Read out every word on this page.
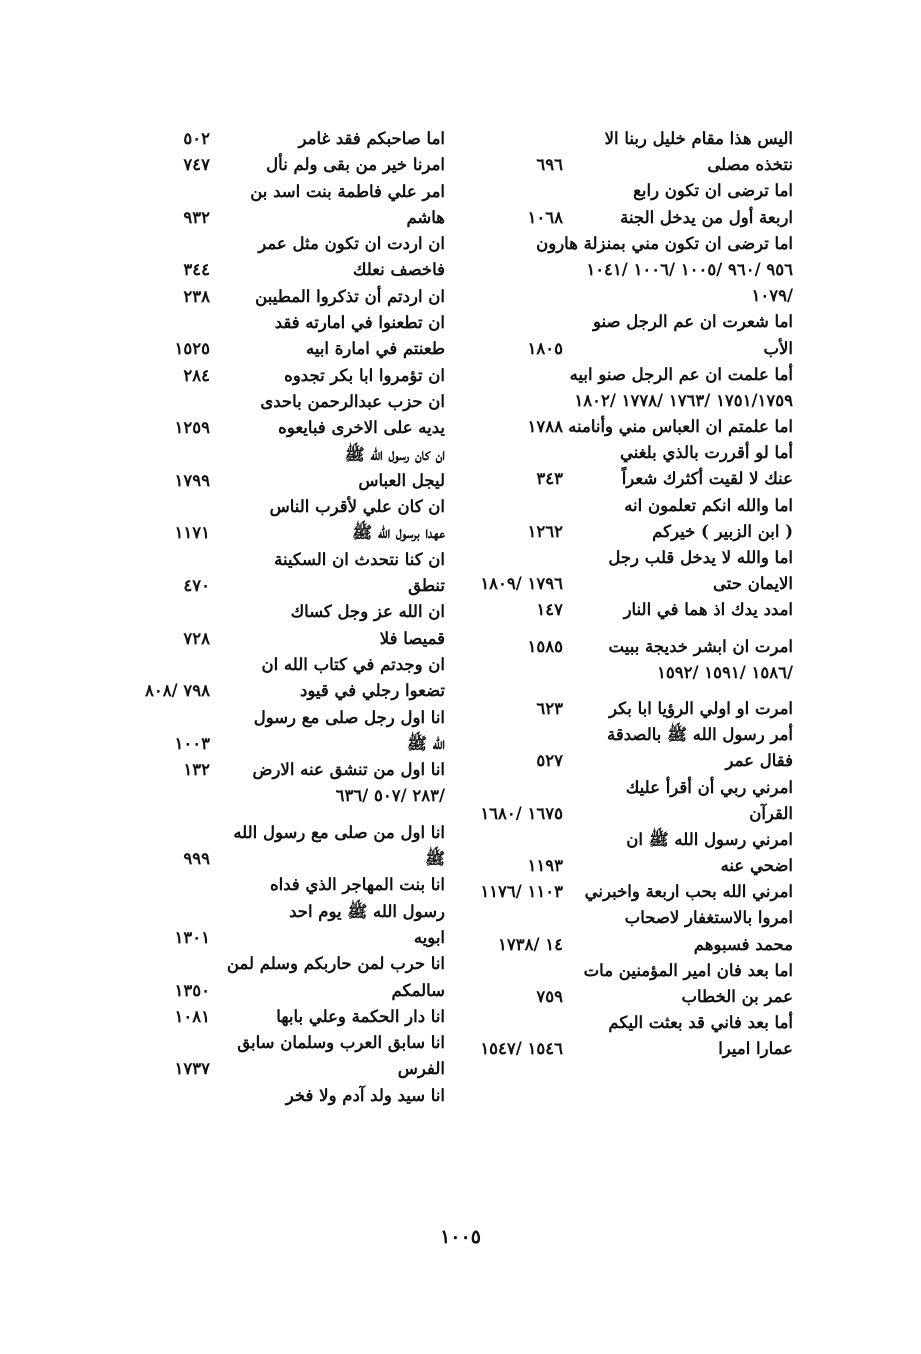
اليس هذا مقام خليل ربنا الا
نتخذه مصلى
٦٩٦
اما ترضى ان تكون رابع
اربعة أول من يدخل الجنة
١٠٦٨
اما ترضى ان تكون مني بمنزلة هارون
٩٥٦ /٩٦٠ /١٠٠٥ /١٠٠٦ /١٠٤١
/١٠٧٩
اما شعرت ان عم الرجل صنو
الأب
١٨٠٥
أما علمت ان عم الرجل صنو ابيه
١٧٥١/١٧٥٩ /١٧٦٣ /١٧٧٨ /١٨٠٢
اما علمتم ان العباس مني وأنامنه
١٧٨٨
أما لو أقررت بالذي بلغني
عنك لا لقيت أكثرك شعراً
٣٤٣
اما والله انكم تعلمون انه
( ابن الزبير ) خيركم
١٢٦٢
اما والله لا يدخل قلب رجل
الايمان حتى
١٧٩٦ /١٨٠٩
امدد يدك اذ هما في النار
١٤٧
امرت ان ابشر خديجة ببيت
١٥٨٥
/١٥٨٦ /١٥٩١ /١٥٩٢
امرت او اولي الرؤيا ابا بكر
٦٢٣
أمر رسول الله ﷺ بالصدقة
فقال عمر
٥٢٧
امرني ربي أن أقرأ عليك
القرآن
١٦٧٥ /١٦٨٠
امرني رسول الله ﷺ ان
اضحي عنه
١١٩٣
امرني الله بحب اربعة واخبرني
١١٠٣ /١١٧٦
امروا بالاستغفار لاصحاب
محمد فسبوهم
١٤ /١٧٣٨
اما بعد فان امير المؤمنين مات
عمر بن الخطاب
٧٥٩
أما بعد فاني قد بعثت اليكم
عمارا اميرا
١٥٤٦ /١٥٤٧
اما صاحبكم فقد غامر
٥٠٢
امرنا خير من بقى ولم نأل
٧٤٧
امر علي فاطمة بنت اسد بن
هاشم
٩٣٢
ان اردت ان تكون مثل عمر
فاخصف نعلك
٣٤٤
ان اردتم أن تذكروا المطيبن
٢٣٨
ان تطعنوا في امارته فقد
طعنتم في امارة ابيه
١٥٢٥
ان تؤمروا ابا بكر تجدوه
٢٨٤
ان حزب عبدالرحمن باحدى
يديه على الاخرى فبايعوه
١٢٥٩
ان كان رسول الله ﷺ
ليجل العباس
١٧٩٩
ان كان علي لأقرب الناس
عهدا برسول الله ﷺ
١١٧١
ان كنا نتحدث ان السكينة
تنطق
٤٧٠
ان الله عز وجل كساك
قميصا فلا
٧٢٨
ان وجدتم في كتاب الله ان
تضعوا رجلي في قيود
٧٩٨ /٨٠٨
انا اول رجل صلى مع رسول
الله ﷺ
١٠٠٣
انا اول من تنشق عنه الارض
١٣٢
/٢٨٣ /٥٠٧ /٦٣٦
انا اول من صلى مع رسول الله
ﷺ
٩٩٩
انا بنت المهاجر الذي فداه
رسول الله ﷺ يوم احد
ابويه
١٣٠١
انا حرب لمن حاربكم وسلم لمن
سالمكم
١٣٥٠
انا دار الحكمة وعلي بابها
١٠٨١
انا سابق العرب وسلمان سابق
الفرس
١٧٣٧
انا سيد ولد آدم ولا فخر
١٠٠٥
